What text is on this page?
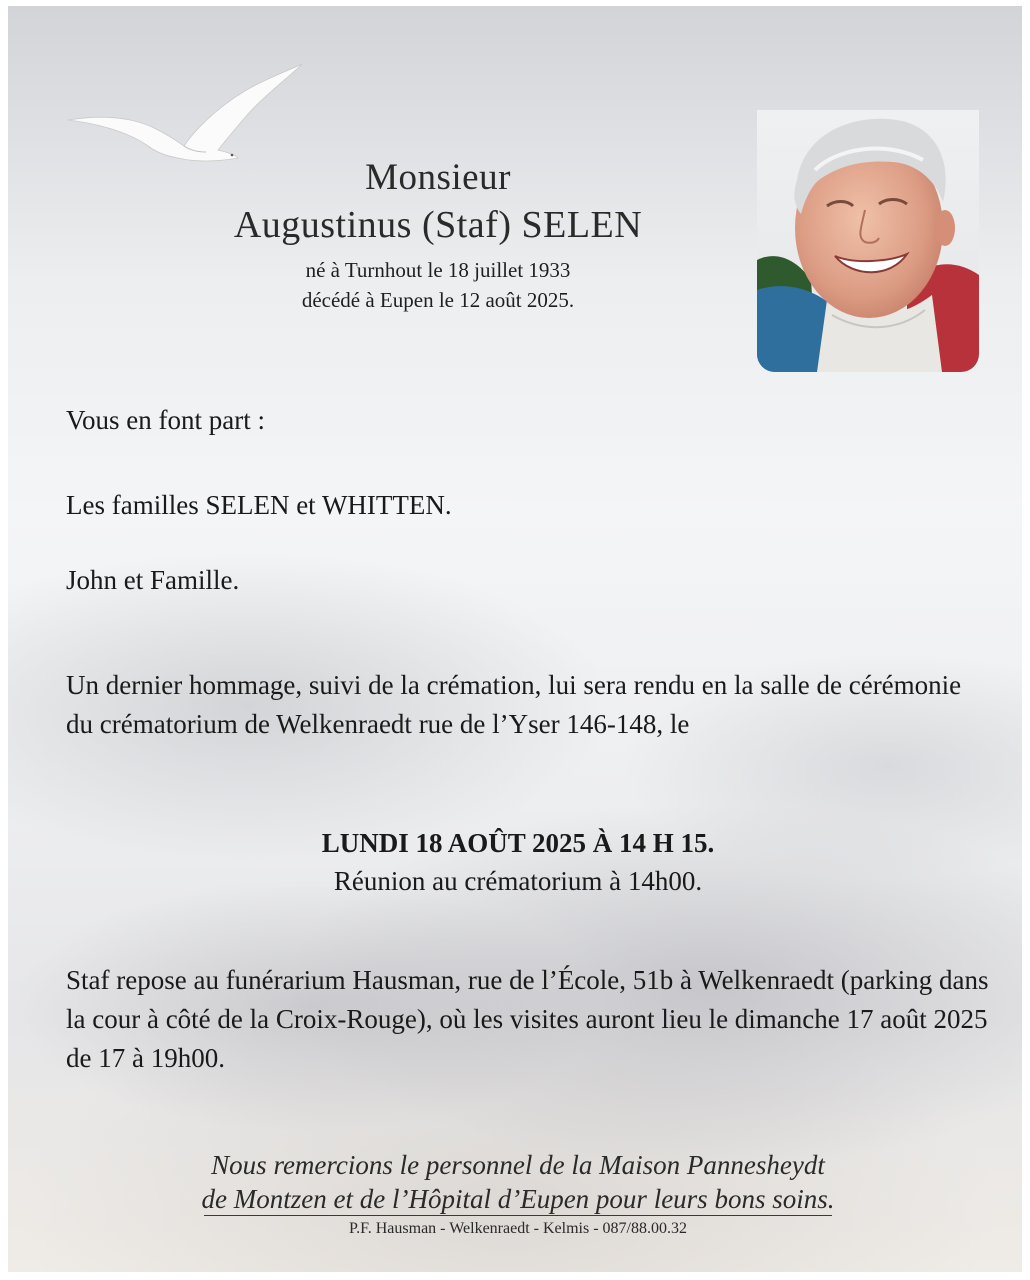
Monsieur
Augustinus (Staf) SELEN
né à Turnhout le 18 juillet 1933
décédé à Eupen le 12 août 2025.
Vous en font part :
Les familles SELEN et WHITTEN.
John et Famille.
Un dernier hommage, suivi de la crémation, lui sera rendu en la salle de cérémonie du crématorium de Welkenraedt rue de l’Yser 146-148, le
LUNDI 18 AOÛT 2025 À 14 H 15.
Réunion au crématorium à 14h00.
Staf repose au funérarium Hausman, rue de l’École, 51b à Welkenraedt (parking dans la cour à côté de la Croix-Rouge), où les visites auront lieu le dimanche 17 août 2025 de 17 à 19h00.
Nous remercions le personnel de la Maison Pannesheydt
de Montzen et de l’Hôpital d’Eupen pour leurs bons soins.
P.F. Hausman - Welkenraedt - Kelmis - 087/88.00.32
